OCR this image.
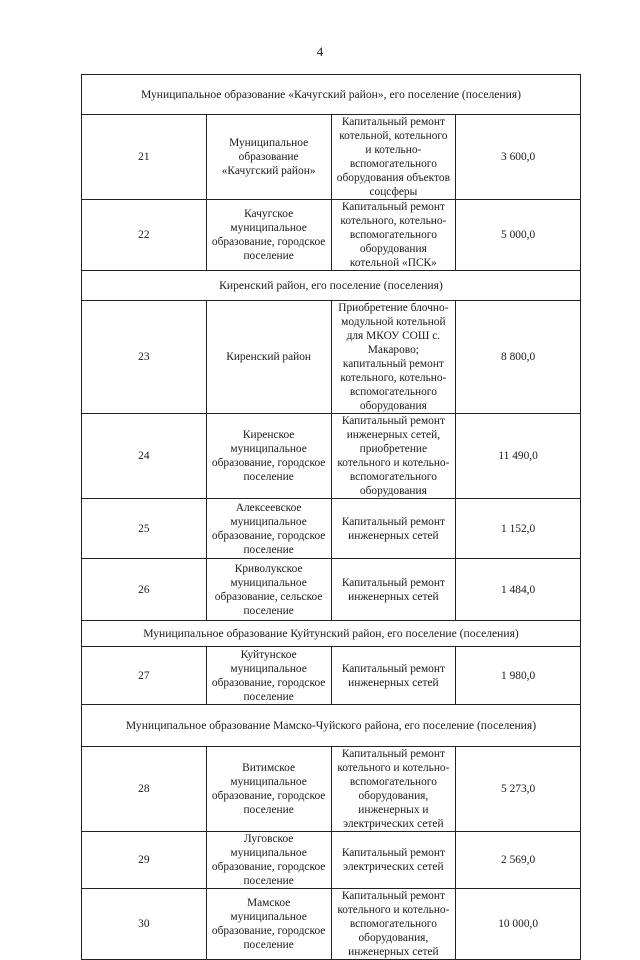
4
Муниципальное образование «Качугский район», его поселение (поселения)			
21	Муниципальное образование «Качугский район»	Капитальный ремонт котельной, котельного и котельно-вспомогательного оборудования объектов соцсферы	3 600,0
22	Качугское муниципальное образование, городское поселение	Капитальный ремонт котельного, котельно-вспомогательного оборудования котельной «ПСК»	5 000,0
Киренский район, его поселение (поселения)			
23	Киренский район	Приобретение блочно-модульной котельной для МКОУ СОШ с. Макарово; капитальный ремонт котельного, котельно-вспомогательного оборудования	8 800,0
24	Киренское муниципальное образование, городское поселение	Капитальный ремонт инженерных сетей, приобретение котельного и котельно-вспомогательного оборудования	11 490,0
25	Алексеевское муниципальное образование, городское поселение	Капитальный ремонт инженерных сетей	1 152,0
26	Криволукское муниципальное образование, сельское поселение	Капитальный ремонт инженерных сетей	1 484,0
Муниципальное образование Куйтунский район, его поселение (поселения)			
27	Куйтунское муниципальное образование, городское поселение	Капитальный ремонт инженерных сетей	1 980,0
Муниципальное образование Мамско-Чуйского района, его поселение (поселения)			
28	Витимское муниципальное образование, городское поселение	Капитальный ремонт котельного и котельно-вспомогательного оборудования, инженерных и электрических сетей	5 273,0
29	Луговское муниципальное образование, городское поселение	Капитальный ремонт электрических сетей	2 569,0
30	Мамское муниципальное образование, городское поселение	Капитальный ремонт котельного и котельно-вспомогательного оборудования, инженерных сетей	10 000,0
